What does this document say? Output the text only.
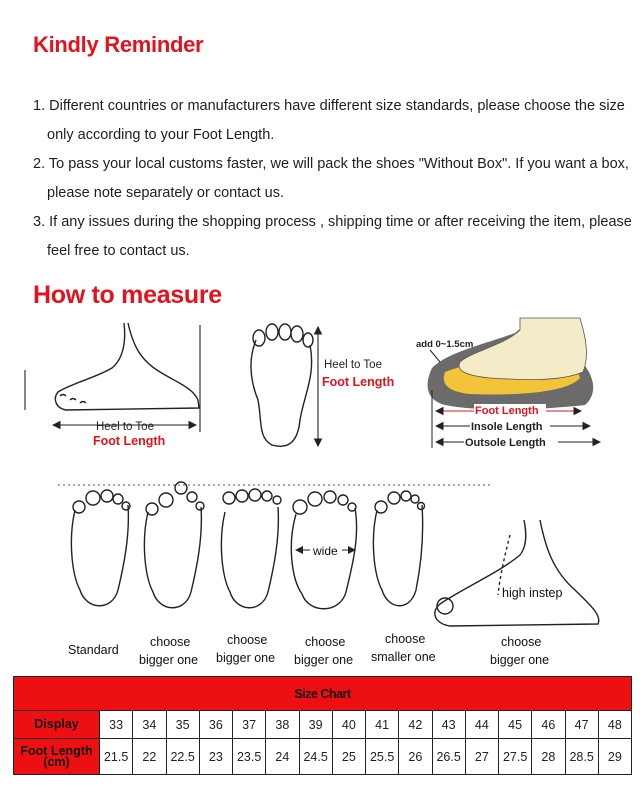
Kindly Reminder
1. Different countries or manufacturers have different size standards, please choose the size
only according to your Foot Length.
2. To pass your local customs faster, we will pack the shoes "Without Box". If you want a box,
please note separately or contact us.
3. If any issues during the shopping process , shipping time or after receiving the item, please
feel free to contact us.
How to measure
Heel to Toe
Foot Length
Heel to Toe
Foot Length
add 0~1.5cm
Foot Length
Insole Length
Outsole Length
wide
high instep
Standard
choose
bigger one
choose
bigger one
choose
bigger one
choose
smaller one
choose
bigger one
Size Chart																
Display	33	34	35	36	37	38	39	40	41	42	43	44	45	46	47	48
Foot Length (cm)	21.5	22	22.5	23	23.5	24	24.5	25	25.5	26	26.5	27	27.5	28	28.5	29
